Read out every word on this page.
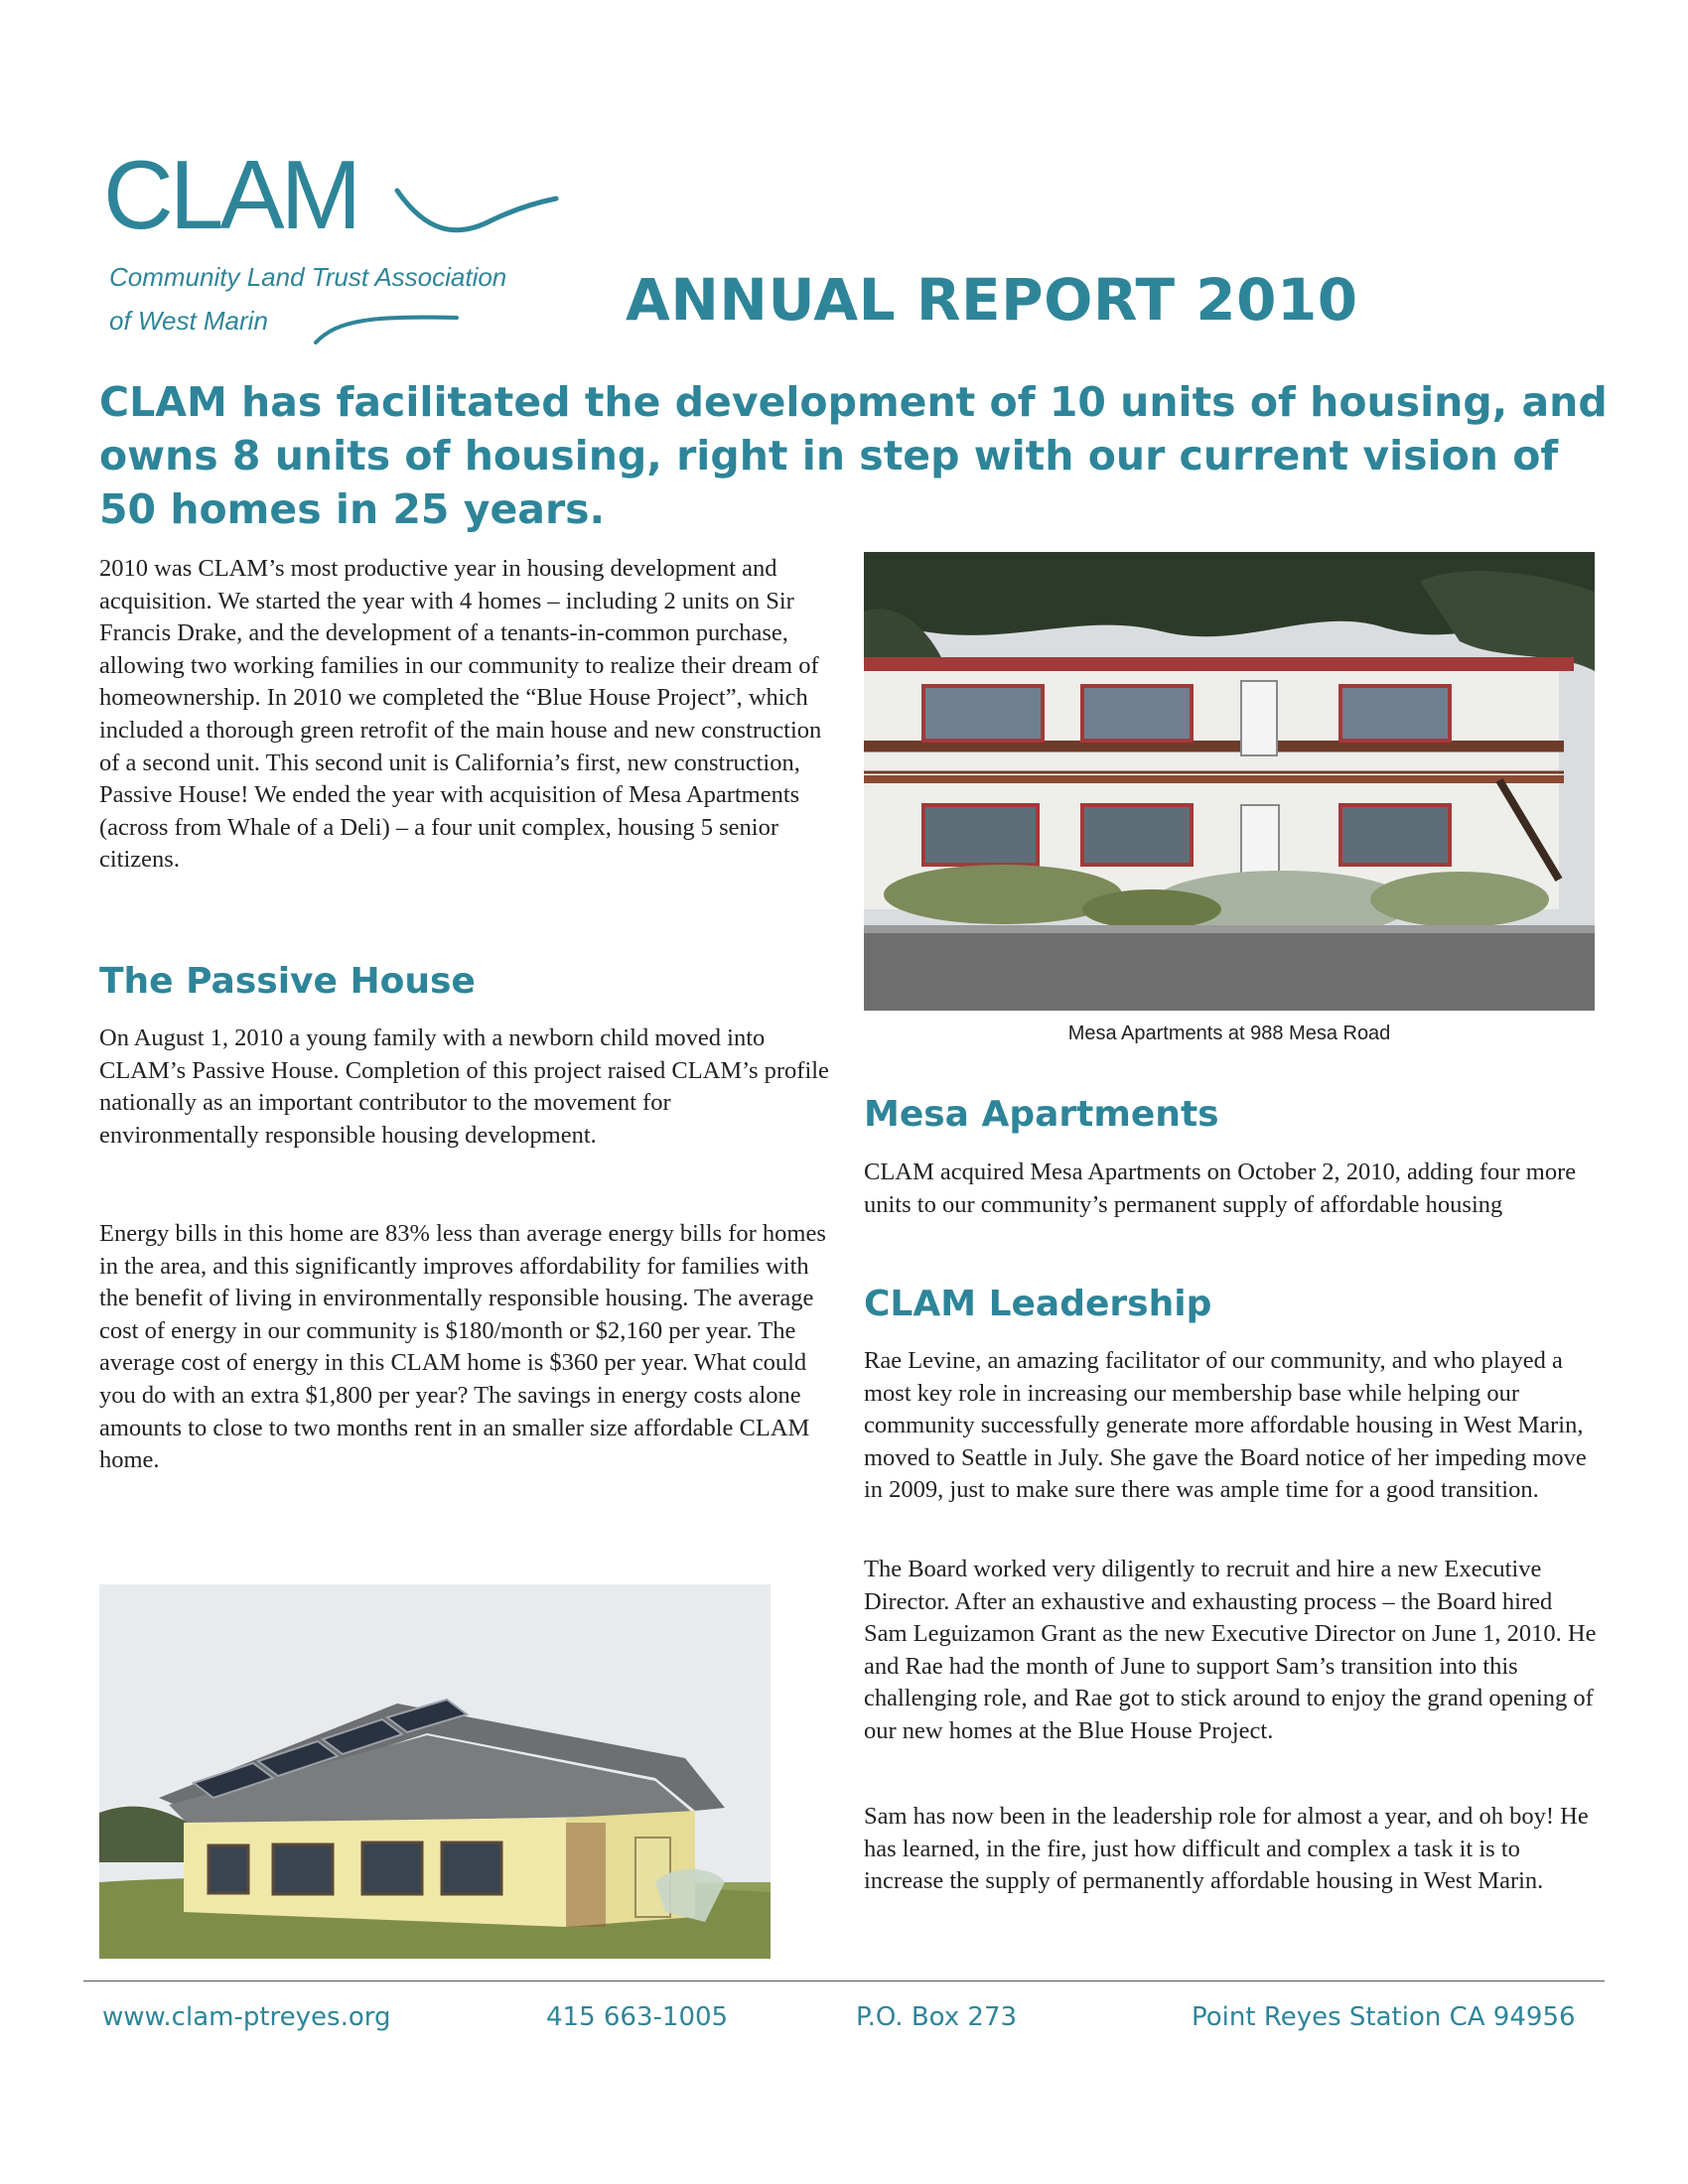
CLAM
Community Land Trust Association
of West Marin	ANNUAL REPORT 2010
CLAM has facilitated the development of 10 units of housing, and owns 8 units of housing, right in step with our current vision of 50 homes in 25 years.

2010 was CLAM’s most productive year in housing development and acquisition. We started the year with 4 homes – including 2 units on Sir Francis Drake, and the development of a tenants-in-common purchase, allowing two working families in our community to realize their dream of homeownership. In 2010 we completed the “Blue House Project”, which included a thorough green retrofit of the main house and new construction of a second unit. This second unit is California’s first, new construction, Passive House! We ended the year with acquisition of Mesa Apartments (across from Whale of a Deli) – a four unit complex, housing 5 senior citizens.

The Passive House

On August 1, 2010 a young family with a newborn child moved into CLAM’s Passive House. Completion of this project raised CLAM’s profile nationally as an important contributor to the movement for environmentally responsible housing development.

Energy bills in this home are 83% less than average energy bills for homes in the area, and this significantly improves affordability for families with the benefit of living in environmentally responsible housing. The average cost of energy in our community is $180/month or $2,160 per year. The average cost of energy in this CLAM home is $360 per year. What could you do with an extra $1,800 per year? The savings in energy costs alone amounts to close to two months rent in an smaller size affordable CLAM home.

Mesa Apartments at 988 Mesa Road

Mesa Apartments

CLAM acquired Mesa Apartments on October 2, 2010, adding four more units to our community’s permanent supply of affordable housing

CLAM Leadership

Rae Levine, an amazing facilitator of our community, and who played a most key role in increasing our membership base while helping our community successfully generate more affordable housing in West Marin, moved to Seattle in July. She gave the Board notice of her impeding move in 2009, just to make sure there was ample time for a good transition.

The Board worked very diligently to recruit and hire a new Executive Director. After an exhaustive and exhausting process – the Board hired Sam Leguizamon Grant as the new Executive Director on June 1, 2010. He and Rae had the month of June to support Sam’s transition into this challenging role, and Rae got to stick around to enjoy the grand opening of our new homes at the Blue House Project.

Sam has now been in the leadership role for almost a year, and oh boy! He has learned, in the fire, just how difficult and complex a task it is to increase the supply of permanently affordable housing in West Marin.

www.clam-ptreyes.org	415 663-1005	P.O. Box 273	Point Reyes Station CA 94956
